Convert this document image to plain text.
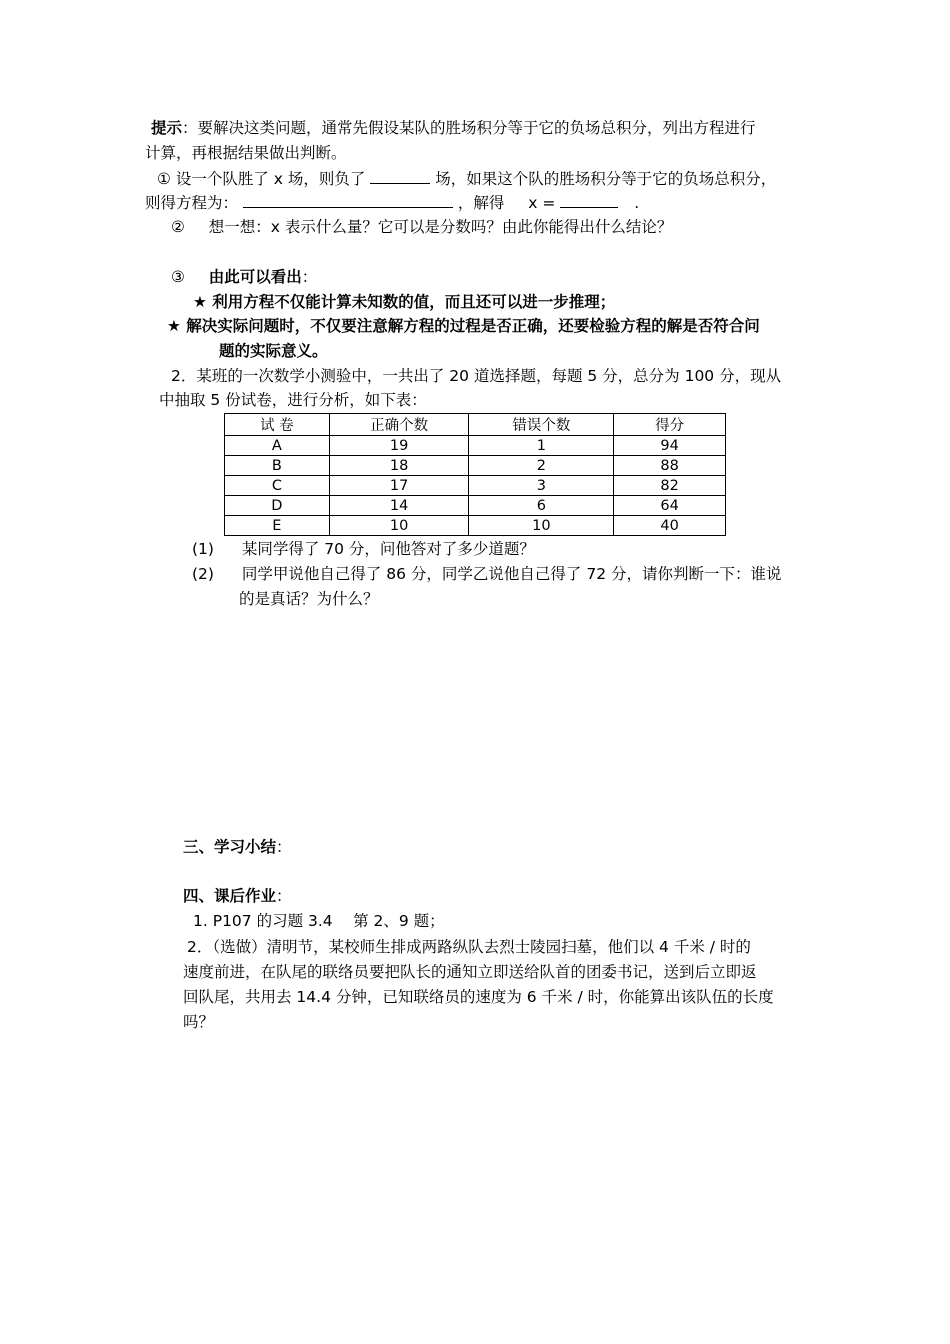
提示：要解决这类问题，通常先假设某队的胜场积分等于它的负场总积分，列出方程进行
计算，再根据结果做出判断。
① 设一个队胜了 x 场，则负了	场，如果这个队的胜场积分等于它的负场总积分，
则得方程为：	，解得 x =	.
② 想一想：x 表示什么量？它可以是分数吗？由此你能得出什么结论？
③ 由此可以看出：
★ 利用方程不仅能计算未知数的值，而且还可以进一步推理；
★ 解决实际问题时，不仅要注意解方程的过程是否正确，还要检验方程的解是否符合问
题的实际意义。
2．某班的一次数学小测验中，一共出了 20 道选择题，每题 5 分，总分为 100 分，现从
中抽取 5 份试卷，进行分析，如下表：
试 卷	正确个数	错误个数	得分
A	19	1	94
B	18	2	88
C	17	3	82
D	14	6	64
E	10	10	40
(1) 某同学得了 70 分，问他答对了多少道题？
(2) 同学甲说他自己得了 86 分，同学乙说他自己得了 72 分，请你判断一下：谁说
的是真话？为什么？
三、学习小结：
四、课后作业：
1. P107 的习题 3.4　 第 2、9 题；
2．（选做）清明节，某校师生排成两路纵队去烈士陵园扫墓，他们以 4 千米 / 时的
速度前进，在队尾的联络员要把队长的通知立即送给队首的团委书记，送到后立即返
回队尾，共用去 14.4 分钟，已知联络员的速度为 6 千米 / 时，你能算出该队伍的长度
吗？
